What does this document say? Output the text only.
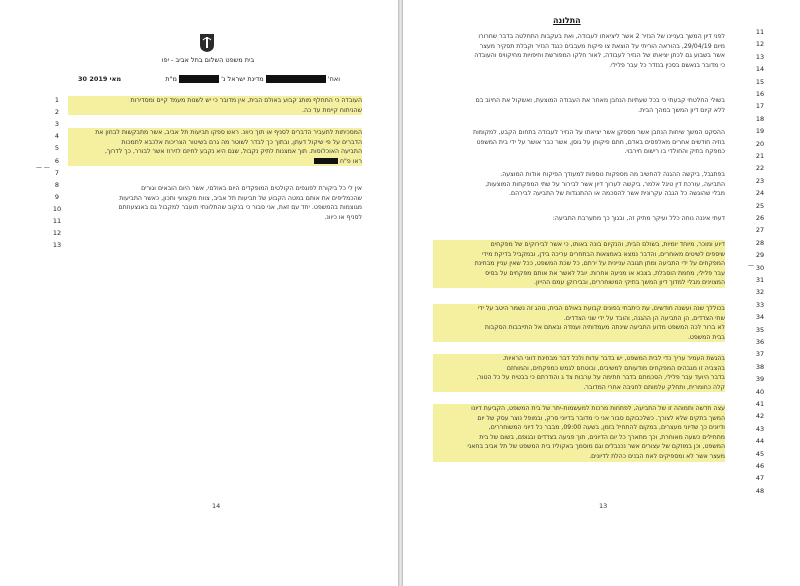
בית משפט השלום בתל אביב - יפו
ואח'  מדינת ישראל נ'  מ"ת
30 מאי 2019
העובדה כי התחלף מותג קבוע באולם הבית, אין מדובר כי יש לשנות מעמד קיים ומסדירות
שהניתוח קיימת עד כה.
המסכיתות לתעביר הדברים לסניף או תוך כיוונ. ראש ספקו תביעות תל אביב, אשר מתבקשות לבחון את
הדברים על פי שיקול דעתן, ובתוך כך לבדר לשוטר מה גרם בשיטור הצריכות אלכבא לתמכות
התביעה האוכלוסות. תוך אמצנות לתיק נקבול, שגם היא נקבע לחיזם לזירוז אשר לבורר, כך לדרוך,
ראו פ"ח
אין לי כל ביקורת לפוגפים הקולטים המופקדים היום באולםי, אשר היום הובאים וגורים
שהכמליפים את אותם במטה הקבוע של תביעות תל אביב, צוות מקצועי ותכון, כאשר התביעות
מגוצמות בהמשפט. יחד עם זאת, אני סבור כי בנקוב שהתלונתי תועבר למקבול גם באנצעוזתם
לסניף או כיוונ.
1
2
3
4
5
6
7
8
9
10
11
12
13
— —
14
התלונה
לפני דיון המשך בעניינו של הנזיר 2 אשר ליציאתו לעבודה, ואת בעקבות התחלטה בדבר שחרורו
מיום 29/04/19, בהוראה הוריתי על הוצאת צו פיקוח מעבבים כנגד הנזיר וקבלת תסקיר מעצר
אשר בשבוע גם לכתן יציאתו של הנזיר לעבודה, לאור חלקו המפורשת וחיפויות מחיקוויס והעובדה
כי מדובר בנאשם בסכין בנזדר כל עבר פלילי.
בשולי החלטתי קבעתי כי בכל שעתיות הנחבן מאחר את העבודה המוצעת, ואשקול את החיוב בם
ללא קיום דיון המשך במהך הבית.
ההסקט המשך שיחות הנחבן אשר מספקן אשר יציאתו על הנזיר לעבודה בתחום הקבע, למקומות
בוזיה חודשים אחרים מאלפסים באדם, חתם פיקוחן על גוסן, אשר כבר אושר על ידי בית המשפט
כמפקח בתיק והחולדי בו רישום חירבוי.
בפתגבל, ביקשה ההגנה להחשיב מה מספקות נוספות למעודך הפיקוח אודות המוצעה.
התביעה, עורכת דין טיגל אלמר, ביקשה לערוך דיון אשר לבירור על שתי המפקחות המוצעות,
מבלי שהוגשה כל הגבה עקרונית אשר להסכמה או ההתנגדות של התביעה לבירהם.
דעתי איננה נוחה כלל ועיקר מתיק זה, ובגוך כך מתערבת התביעה:
דיוע ומוכר, מיוחד יומיות, בשולם הבית, והנקיום בונה באותו, כי אשר לבירוקים של מפקחים
שיספים לשיטים מאוחרים, והדבר נמצא באמצאות הבתחרים עריכה בידן, ובמקביל בדיקת מידי
המפקחים על ידי התביעה ומתן תגובה עניינית על ירתם, כל שכת המשפט, ככל שאין עניין מבחינת
עבר פלילי, מחמת הוסבלת, בצבא או מניעה אחרות. יובל לאשר את אותם מפקחים על בסיס
המצוינים מבלי למדוך דיון המשך בתיקי המשוחררים, ובבירוקן עמם ההייון.
בכוללך שנה ועשנה חודשים, עת כיתבתי בפונים קבועת באולם הבית, נוהג זה נשמר היטב על ידי
שתי הצדדים, הן התביעה הן ההגנה, והובד על ידי שני הצדדים.
לא ברור לכה המשפט מדוע התביעה שינתה מעמדותיה ועמדה ובאתם אל התייבבות הסקבות
בבית המשפט.
בהגשת העמיר עריך כדי לבית המשפט, יש בדבר עדות ולכל דבר מבחינת דווני הראיות.
בהצביה זו מגבהים המפקחים מודעותם למשיבים, ובוטחם לגמש כמפקחים, והמוחזם
בדבר היועד עבר פלילי, הסכמתם בדבר חתימה על ערבות צד ג והודרתם כי בבטיח על כל הטור,
קלה כחומרית, ותחלק עלמותם לחגיבה אחרי המדובר.
עצה חדשה ותמוהה זו של התביעה, לפתחות מרכות למעשמות-יתר של בית המשפט, הקביעת דיונו
המשך בתקים שלא לצורך. כשלכבוקם סבור אני כי מדובר בדיוני סרק, ובמופל נוצר עסק של יום
ודיונים כך שדיוני מעצרים, במקום להתחיל בזמן, בשעה 09:00, מבבר כל דיוני המשוחררים,
מתחילים כשעה מאוחרת, וכך מתארך כל יום הדיונים, תוך פגיעה בצדדים ובגופם, בשום של בית
המשפט, וכן במוזקם של עצורים אשר נכנבלים וגם מוסמך באקוליז בית המשפט של תל אביב בחאני
מעצר אשר לא ומספיקים לאח הבנים כהלת לדיונים.
11
12
13
14
15
16
17
18
19
20
21
22
23
24
25
26
27
28
29
30
31
32
33
34
35
36
37
38
39
40
41
42
43
44
45
46
47
48
—
13
